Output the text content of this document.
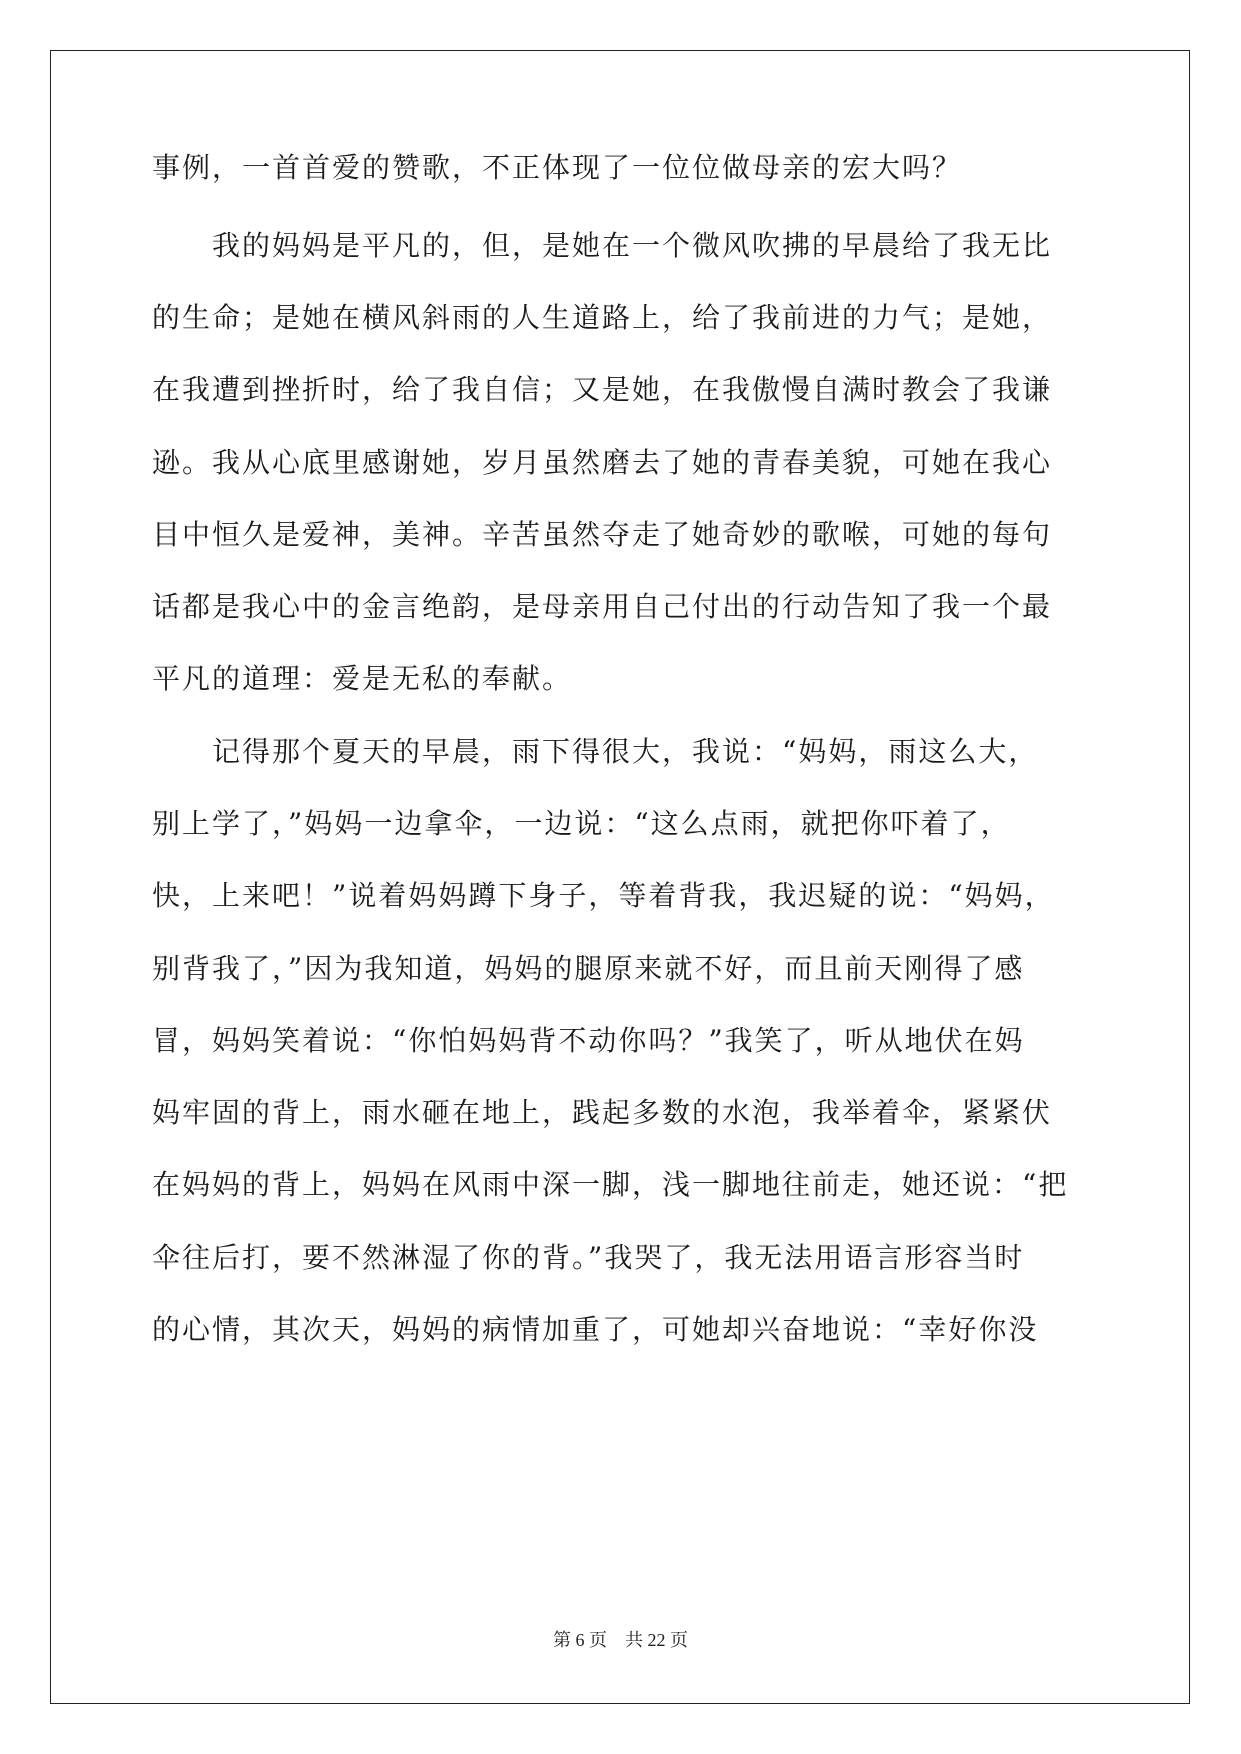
事例，一首首爱的赞歌，不正体现了一位位做母亲的宏大吗？
　　我的妈妈是平凡的，但，是她在一个微风吹拂的早晨给了我无比
的生命；是她在横风斜雨的人生道路上，给了我前进的力气；是她，
在我遭到挫折时，给了我自信；又是她，在我傲慢自满时教会了我谦
逊。我从心底里感谢她，岁月虽然磨去了她的青春美貌，可她在我心
目中恒久是爱神，美神。辛苦虽然夺走了她奇妙的歌喉，可她的每句
话都是我心中的金言绝韵，是母亲用自己付出的行动告知了我一个最
平凡的道理：爱是无私的奉献。
　　记得那个夏天的早晨，雨下得很大，我说：“妈妈，雨这么大，
别上学了，”妈妈一边拿伞，一边说：“这么点雨，就把你吓着了，
快，上来吧！”说着妈妈蹲下身子，等着背我，我迟疑的说：“妈妈，
别背我了，”因为我知道，妈妈的腿原来就不好，而且前天刚得了感
冒，妈妈笑着说：“你怕妈妈背不动你吗？”我笑了，听从地伏在妈
妈牢固的背上，雨水砸在地上，践起多数的水泡，我举着伞，紧紧伏
在妈妈的背上，妈妈在风雨中深一脚，浅一脚地往前走，她还说：“把
伞往后打，要不然淋湿了你的背。”我哭了，我无法用语言形容当时
的心情，其次天，妈妈的病情加重了，可她却兴奋地说：“幸好你没
第 6 页　共 22 页
